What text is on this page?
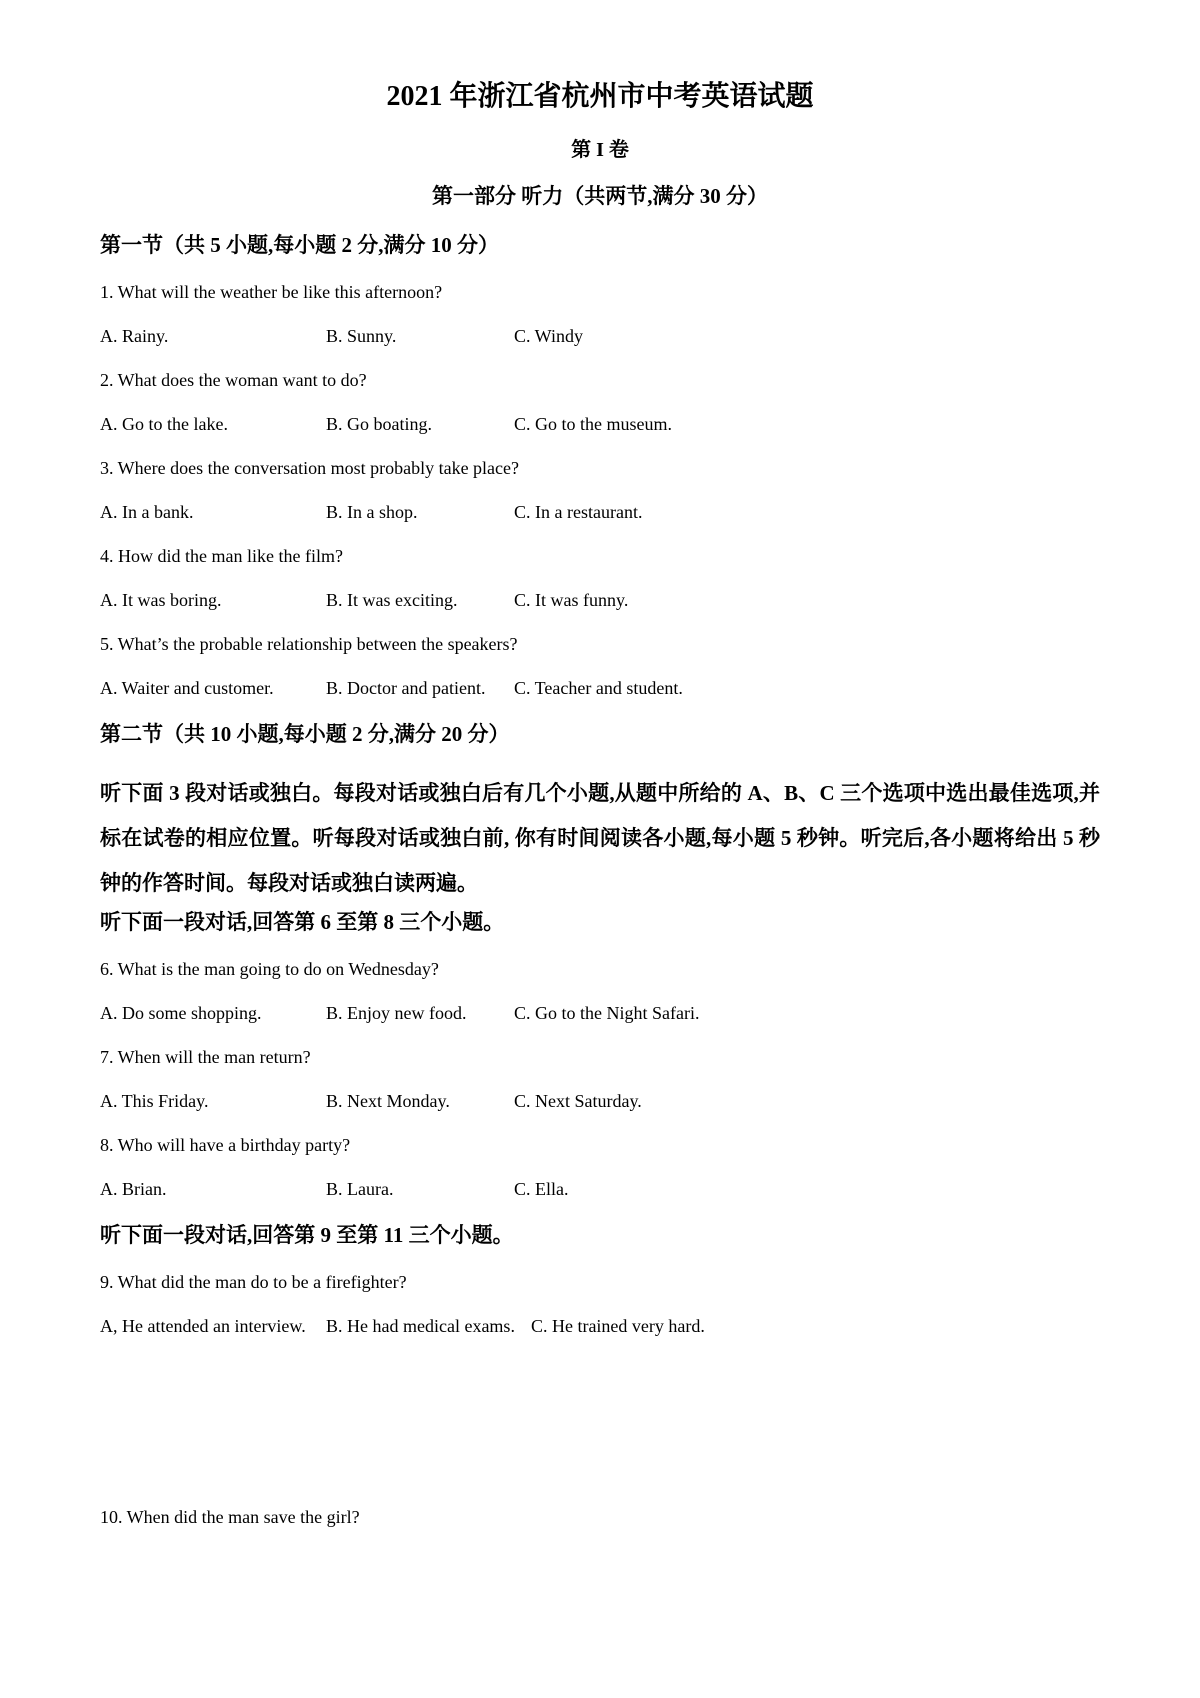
2021 年浙江省杭州市中考英语试题
第 I 卷
第一部分 听力（共两节,满分 30 分）
第一节（共 5 小题,每小题 2 分,满分 10 分）

1. What will the weather be like this afternoon?

A. Rainy.	B. Sunny.	C. Windy

2. What does the woman want to do?

A. Go to the lake.	B. Go boating.	C. Go to the museum.

3. Where does the conversation most probably take place?

A. In a bank.	B. In a shop.	C. In a restaurant.

4. How did the man like the film?

A. It was boring.	B. It was exciting.	C. It was funny.

5. What’s the probable relationship between the speakers?

A. Waiter and customer.	B. Doctor and patient.	C. Teacher and student.

第二节（共 10 小题,每小题 2 分,满分 20 分）

听下面 3 段对话或独白。每段对话或独白后有几个小题,从题中所给的 A、B、C 三个选项中选出最佳选项,并标在试卷的相应位置。听每段对话或独白前, 你有时间阅读各小题,每小题 5 秒钟。听完后,各小题将给出 5 秒钟的作答时间。每段对话或独白读两遍。

听下面一段对话,回答第 6 至第 8 三个小题。

6. What is the man going to do on Wednesday?

A. Do some shopping.	B. Enjoy new food.	C. Go to the Night Safari.

7. When will the man return?

A. This Friday.	B. Next Monday.	C. Next Saturday.

8. Who will have a birthday party?

A. Brian.	B. Laura.	C. Ella.

听下面一段对话,回答第 9 至第 11 三个小题。

9. What did the man do to be a firefighter?

A, He attended an interview.	B. He had medical exams. C. He trained very hard.

10. When did the man save the girl?
